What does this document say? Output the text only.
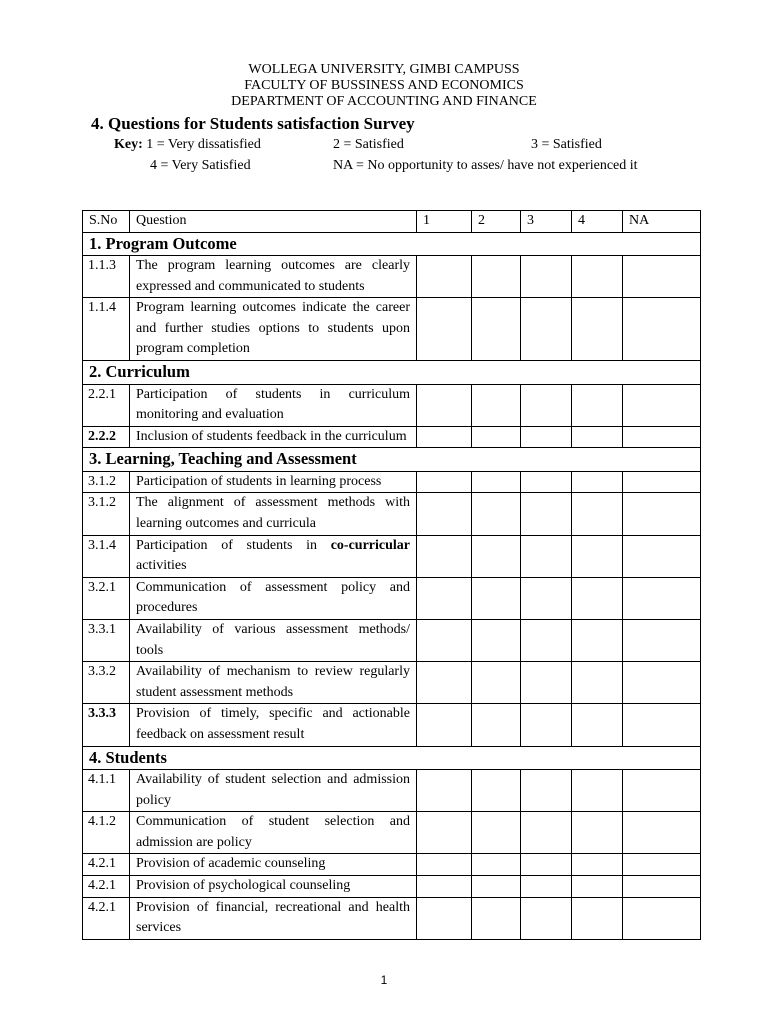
WOLLEGA UNIVERSITY, GIMBI CAMPUSS
FACULTY OF BUSSINESS AND ECONOMICS
DEPARTMENT OF ACCOUNTING AND FINANCE
4. Questions for Students satisfaction Survey
Key: 1 = Very dissatisfied	2 = Satisfied	3 = Satisfied
4 = Very Satisfied	NA = No opportunity to asses/ have not experienced it
S.No	Question	1	2	3	4	NA
1. Program Outcome						
1.1.3	The program learning outcomes are clearly expressed and communicated to students					
1.1.4	Program learning outcomes indicate the career and further studies options to students upon program completion					
2. Curriculum						
2.2.1	Participation of students in curriculum monitoring and evaluation					
2.2.2	Inclusion of students feedback in the curriculum					
3. Learning, Teaching and Assessment						
3.1.2	Participation of students in learning process					
3.1.2	The alignment of assessment methods with learning outcomes and curricula					
3.1.4	Participation of students in co-curricular activities					
3.2.1	Communication of assessment policy and procedures					
3.3.1	Availability of various assessment methods/ tools					
3.3.2	Availability of mechanism to review regularly student assessment methods					
3.3.3	Provision of timely, specific and actionable feedback on assessment result					
4. Students						
4.1.1	Availability of student selection and admission policy					
4.1.2	Communication of student selection and admission are policy					
4.2.1	Provision of academic counseling					
4.2.1	Provision of psychological counseling					
4.2.1	Provision of financial, recreational and health services					
1
